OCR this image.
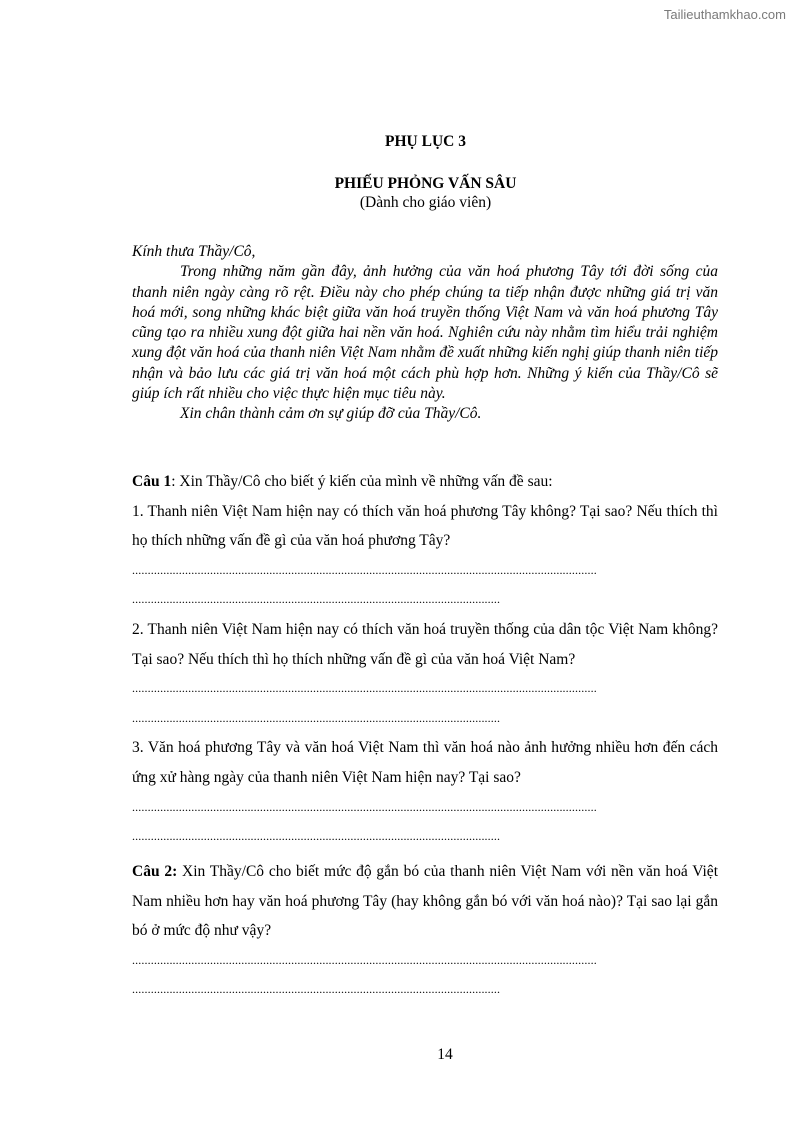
Tailieuthamkhao.com
PHỤ LỤC 3
PHIẾU PHỎNG VẤN SÂU
(Dành cho giáo viên)

Kính thưa Thầy/Cô,

Trong những năm gần đây, ảnh hưởng của văn hoá phương Tây tới đời sống của thanh niên ngày càng rõ rệt. Điều này cho phép chúng ta tiếp nhận được những giá trị văn hoá mới, song những khác biệt giữa văn hoá truyền thống Việt Nam và văn hoá phương Tây cũng tạo ra nhiều xung đột giữa hai nền văn hoá. Nghiên cứu này nhằm tìm hiểu trải nghiệm xung đột văn hoá của thanh niên Việt Nam nhằm đề xuất những kiến nghị giúp thanh niên tiếp nhận và bảo lưu các giá trị văn hoá một cách phù hợp hơn. Những ý kiến của Thầy/Cô sẽ giúp ích rất nhiều cho việc thực hiện mục tiêu này.

Xin chân thành cảm ơn sự giúp đỡ của Thầy/Cô.

Câu 1: Xin Thầy/Cô cho biết ý kiến của mình về những vấn đề sau:

1. Thanh niên Việt Nam hiện nay có thích văn hoá phương Tây không? Tại sao? Nếu thích thì họ thích những vấn đề gì của văn hoá phương Tây?

.....................................................................................................................................................
......................................................................................................................

2. Thanh niên Việt Nam hiện nay có thích văn hoá truyền thống của dân tộc Việt Nam không? Tại sao? Nếu thích thì họ thích những vấn đề gì của văn hoá Việt Nam?

.....................................................................................................................................................
......................................................................................................................

3. Văn hoá phương Tây và văn hoá Việt Nam thì văn hoá nào ảnh hưởng nhiều hơn đến cách ứng xử hàng ngày của thanh niên Việt Nam hiện nay? Tại sao?

.....................................................................................................................................................
......................................................................................................................

Câu 2: Xin Thầy/Cô cho biết mức độ gắn bó của thanh niên Việt Nam với nền văn hoá Việt Nam nhiều hơn hay văn hoá phương Tây (hay không gắn bó với văn hoá nào)? Tại sao lại gắn bó ở mức độ như vậy?

.....................................................................................................................................................
......................................................................................................................
14
